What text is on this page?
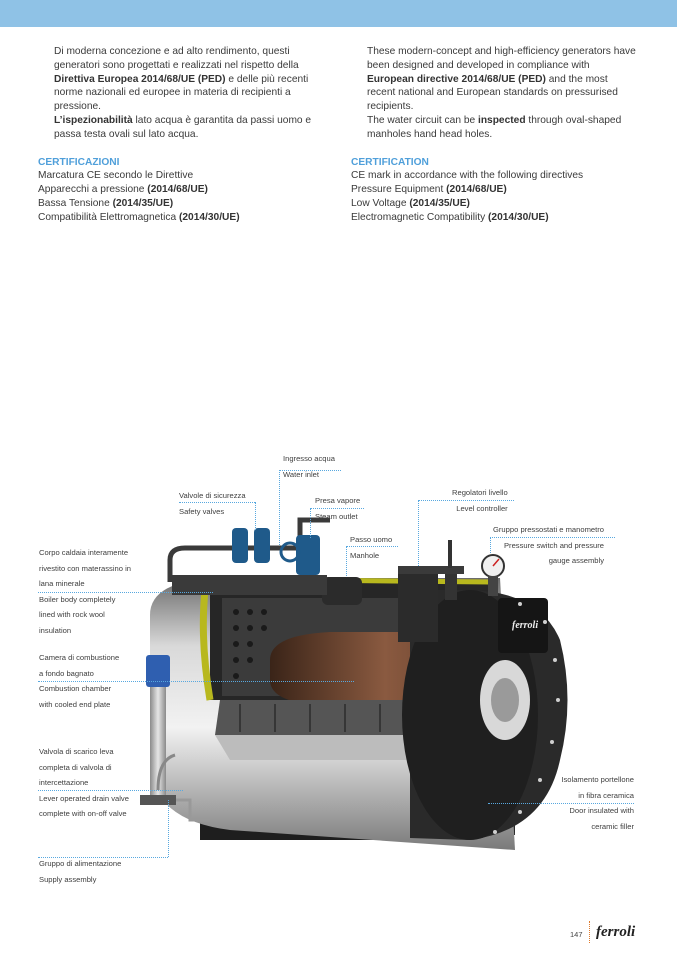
Di moderna concezione e ad alto rendimento, questi generatori sono progettati e realizzati nel rispetto della Direttiva Europea 2014/68/UE (PED) e delle più recenti norme nazionali ed europee in materia di recipienti a pressione.
L’ispezionabilità lato acqua è garantita da passi uomo e passa testa ovali sul lato acqua.
CERTIFICAZIONI
Marcatura CE secondo le Direttive
Apparecchi a pressione (2014/68/UE)
Bassa Tensione (2014/35/UE)
Compatibilità Elettromagnetica (2014/30/UE)
These modern-concept and high-efficiency generators have been designed and developed in compliance with European directive 2014/68/UE (PED) and the most recent national and European standards on pressurised recipients.
The water circuit can be inspected through oval-shaped manholes hand head holes.
CERTIFICATION
CE mark in accordance with the following directives
Pressure Equipment (2014/68/UE)
Low Voltage (2014/35/UE)
Electromagnetic Compatibility (2014/30/UE)
ferroli
Ingresso acqua
Water inlet
Valvole di sicurezza
Safety valves
Presa vapore
Steam outlet
Passo uomo
Manhole
Regolatori livello
Level controller
Gruppo pressostati e manometro
Pressure switch and pressure
gauge assembly
Corpo caldaia interamente
rivestito con materassino in
lana minerale
Boiler body completely
lined with rock wool
insulation
Camera di combustione
a fondo bagnato
Combustion chamber
with cooled end plate
Valvola di scarico leva
completa di valvola di
intercettazione
Lever operated drain valve
complete with on-off valve
Isolamento portellone
in fibra ceramica
Door insulated with
ceramic filler
Gruppo di alimentazione
Supply assembly
147 ferroli
